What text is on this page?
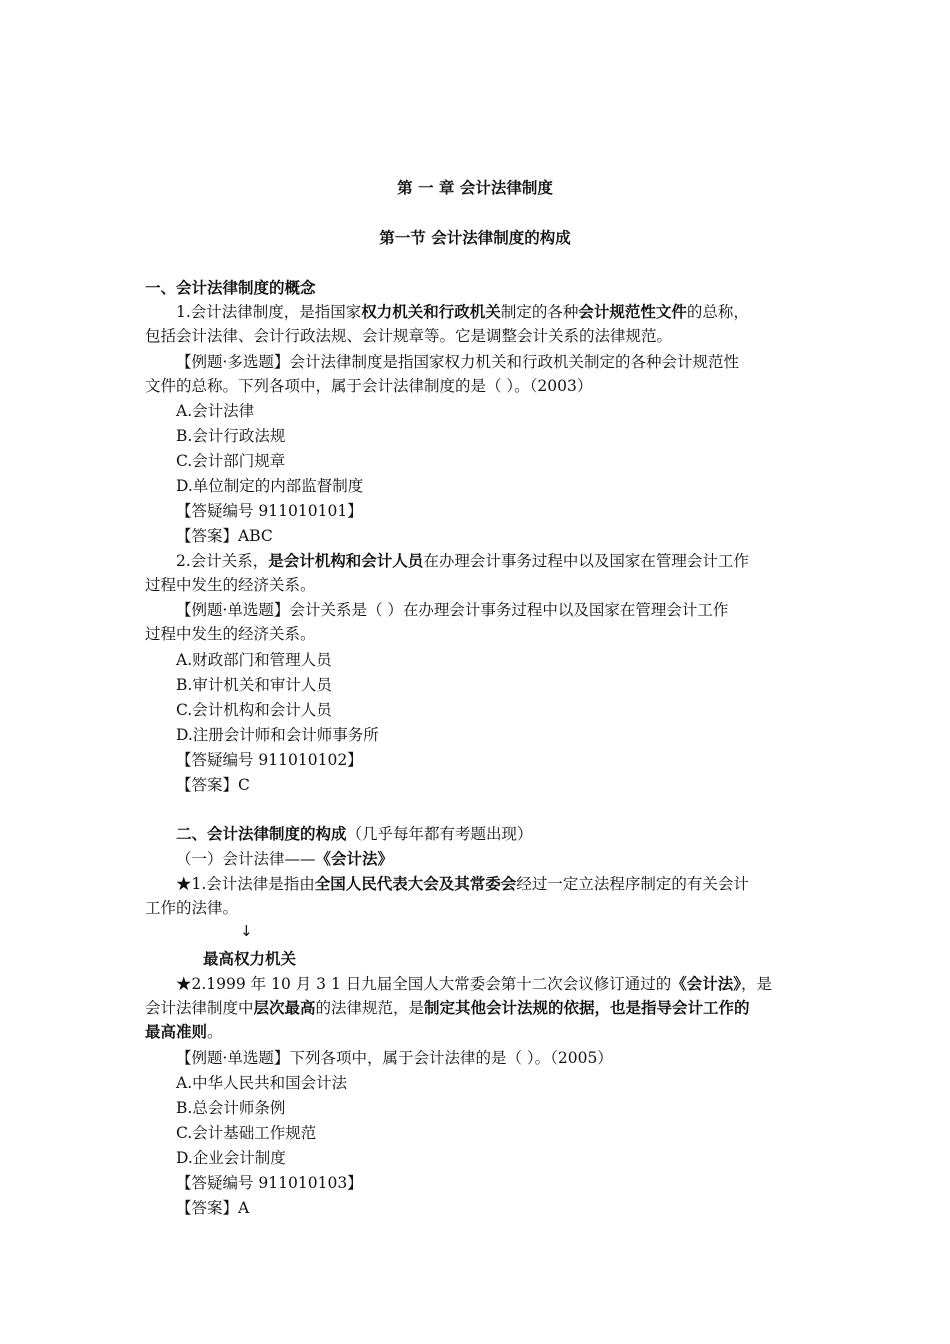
第 一 章 会计法律制度
第一节 会计法律制度的构成
一、会计法律制度的概念
1.会计法律制度，是指国家权力机关和行政机关制定的各种会计规范性文件的总称，
包括会计法律、会计行政法规、会计规章等。它是调整会计关系的法律规范。
【例题·多选题】会计法律制度是指国家权力机关和行政机关制定的各种会计规范性
文件的总称。下列各项中，属于会计法律制度的是（ ）。（2003）
A.会计法律
B.会计行政法规
C.会计部门规章
D.单位制定的内部监督制度
【答疑编号 911010101】
【答案】ABC
2.会计关系，是会计机构和会计人员在办理会计事务过程中以及国家在管理会计工作
过程中发生的经济关系。
【例题·单选题】会计关系是（ ）在办理会计事务过程中以及国家在管理会计工作
过程中发生的经济关系。
A.财政部门和管理人员
B.审计机关和审计人员
C.会计机构和会计人员
D.注册会计师和会计师事务所
【答疑编号 911010102】
【答案】C
二、会计法律制度的构成（几乎每年都有考题出现）
（一）会计法律——《会计法》
★1.会计法律是指由全国人民代表大会及其常委会经过一定立法程序制定的有关会计
工作的法律。
↓
最高权力机关
★2.1999 年 10 月 3 1 日九届全国人大常委会第十二次会议修订通过的《会计法》，是
会计法律制度中层次最高的法律规范，是制定其他会计法规的依据，也是指导会计工作的
最高准则。
【例题·单选题】下列各项中，属于会计法律的是（ ）。（2005）
A.中华人民共和国会计法
B.总会计师条例
C.会计基础工作规范
D.企业会计制度
【答疑编号 911010103】
【答案】A
